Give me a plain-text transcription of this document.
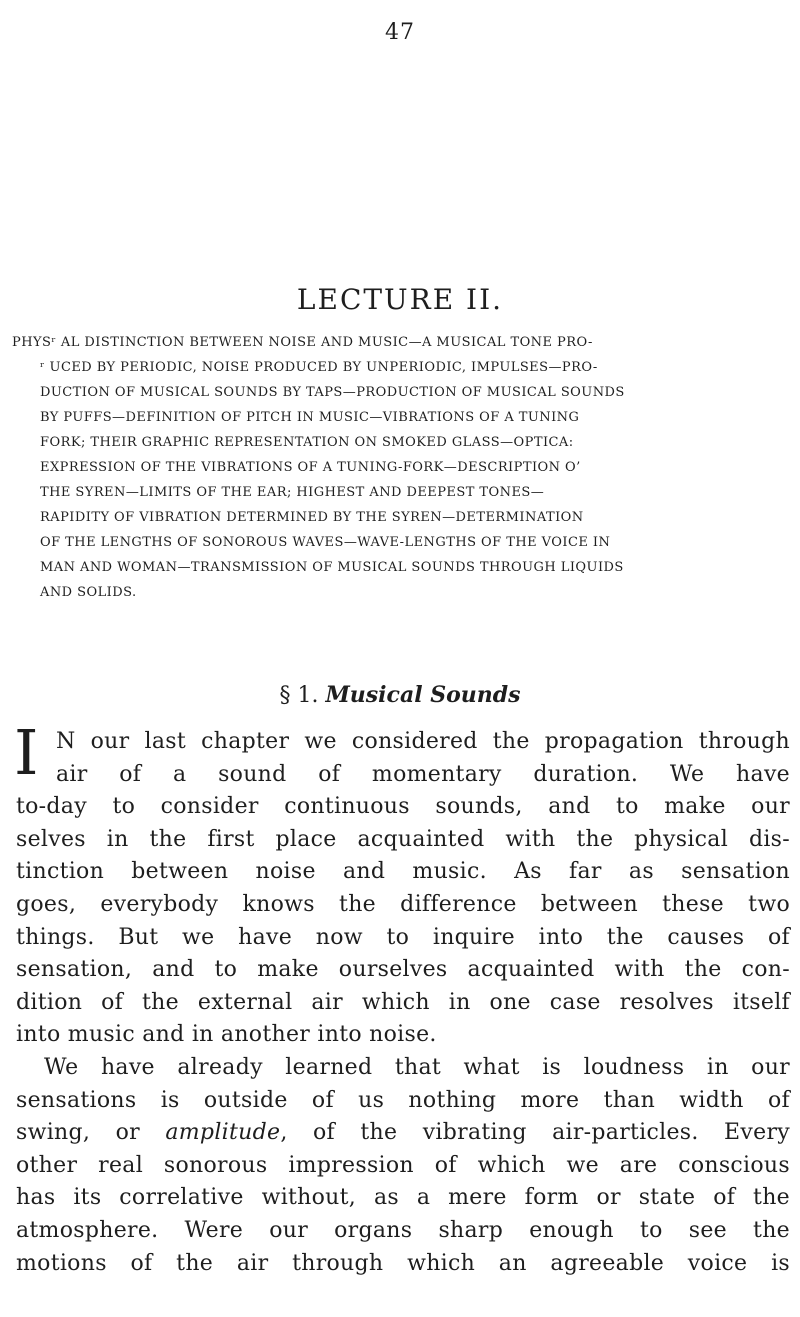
47
LECTURE II.
PHYSʳ AL DISTINCTION BETWEEN NOISE AND MUSIC—A MUSICAL TONE PRO-
ʳ UCED BY PERIODIC, NOISE PRODUCED BY UNPERIODIC, IMPULSES—PRO-
DUCTION OF MUSICAL SOUNDS BY TAPS—PRODUCTION OF MUSICAL SOUNDS
BY PUFFS—DEFINITION OF PITCH IN MUSIC—VIBRATIONS OF A TUNING
FORK; THEIR GRAPHIC REPRESENTATION ON SMOKED GLASS—OPTICA:
EXPRESSION OF THE VIBRATIONS OF A TUNING-FORK—DESCRIPTION O’
THE SYREN—LIMITS OF THE EAR; HIGHEST AND DEEPEST TONES—
RAPIDITY OF VIBRATION DETERMINED BY THE SYREN—DETERMINATION
OF THE LENGTHS OF SONOROUS WAVES—WAVE-LENGTHS OF THE VOICE IN
MAN AND WOMAN—TRANSMISSION OF MUSICAL SOUNDS THROUGH LIQUIDS
AND SOLIDS.
§ 1. Musical Sounds
I N our last chapter we considered the propagation through
air of a sound of momentary duration. We have
to-day to consider continuous sounds, and to make our
selves in the first place acquainted with the physical dis-
tinction between noise and music. As far as sensation
goes, everybody knows the difference between these two
things. But we have now to inquire into the causes of
sensation, and to make ourselves acquainted with the con-
dition of the external air which in one case resolves itself
into music and in another into noise.
We have already learned that what is loudness in our
sensations is outside of us nothing more than width of
swing, or amplitude, of the vibrating air-particles. Every
other real sonorous impression of which we are conscious
has its correlative without, as a mere form or state of the
atmosphere. Were our organs sharp enough to see the
motions of the air through which an agreeable voice is
